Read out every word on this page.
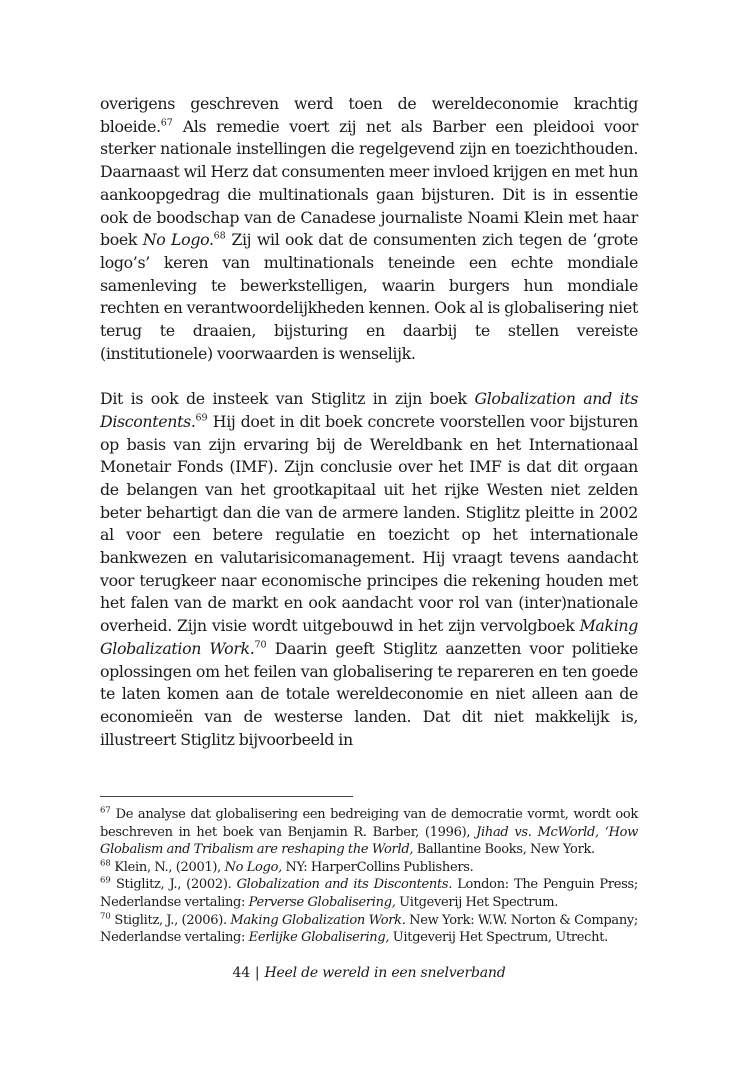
overigens geschreven werd toen de wereldeconomie krachtig bloeide.$^{67}$ Als remedie voert zij net als Barber een pleidooi voor sterker nationale instellingen die regelgevend zijn en toezichthouden. Daarnaast wil Herz dat consumenten meer invloed krijgen en met hun aankoopgedrag die multinationals gaan bijsturen. Dit is in essentie ook de boodschap van de Canadese journaliste Noami Klein met haar boek No Logo.$^{68}$ Zij wil ook dat de consumenten zich tegen de ‘grote logo’s’ keren van multinationals teneinde een echte mondiale samenleving te bewerkstelligen, waarin burgers hun mondiale rechten en verantwoordelijkheden kennen. Ook al is globalisering niet terug te draaien, bijsturing en daarbij te stellen vereiste (institutionele) voorwaarden is wenselijk.

Dit is ook de insteek van Stiglitz in zijn boek Globalization and its Discontents.$^{69}$ Hij doet in dit boek concrete voorstellen voor bijsturen op basis van zijn ervaring bij de Wereldbank en het Internationaal Monetair Fonds (IMF). Zijn conclusie over het IMF is dat dit orgaan de belangen van het grootkapitaal uit het rijke Westen niet zelden beter behartigt dan die van de armere landen. Stiglitz pleitte in 2002 al voor een betere regulatie en toezicht op het internationale bankwezen en valutarisicomanagement. Hij vraagt tevens aandacht voor terugkeer naar economische principes die rekening houden met het falen van de markt en ook aandacht voor rol van (inter)nationale overheid. Zijn visie wordt uitgebouwd in het zijn vervolgboek Making Globalization Work.$^{70}$ Daarin geeft Stiglitz aanzetten voor politieke oplossingen om het feilen van globalisering te repareren en ten goede te laten komen aan de totale wereldeconomie en niet alleen aan de economieën van de westerse landen. Dat dit niet makkelijk is, illustreert Stiglitz bijvoorbeeld in

$^{67}$ De analyse dat globalisering een bedreiging van de democratie vormt, wordt ook beschreven in het boek van Benjamin R. Barber, (1996), Jihad vs. McWorld, ‘How Globalism and Tribalism are reshaping the World, Ballantine Books, New York.

$^{68}$ Klein, N., (2001), No Logo, NY: HarperCollins Publishers.

$^{69}$ Stiglitz, J., (2002). Globalization and its Discontents. London: The Penguin Press; Nederlandse vertaling: Perverse Globalisering, Uitgeverij Het Spectrum.

$^{70}$ Stiglitz, J., (2006). Making Globalization Work. New York: W.W. Norton & Company; Nederlandse vertaling: Eerlijke Globalisering, Uitgeverij Het Spectrum, Utrecht.

44 | Heel de wereld in een snelverband
